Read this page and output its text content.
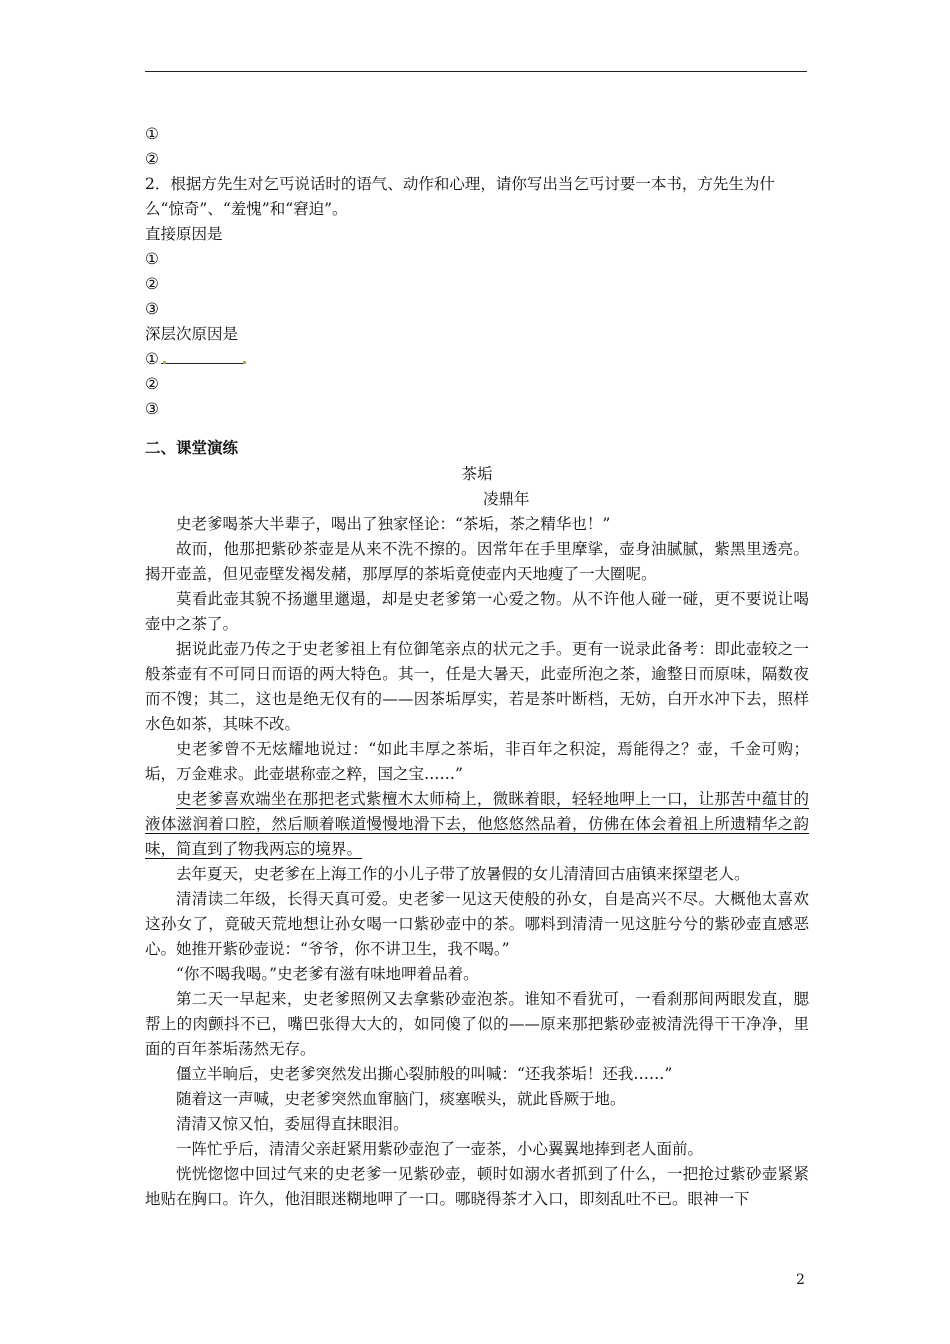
①
②
2．根据方先生对乞丐说话时的语气、动作和心理，请你写出当乞丐讨要一本书，方先生为什
么“惊奇”、“羞愧”和“窘迫”。
直接原因是
①
②
③
深层次原因是
①
②
③
二、课堂演练
茶垢
凌鼎年

史老爹喝茶大半辈子，喝出了独家怪论：“茶垢，茶之精华也！”

故而，他那把紫砂茶壶是从来不洗不擦的。因常年在手里摩挲，壶身油腻腻，紫黑里透亮。揭开壶盖，但见壶壁发褐发赭，那厚厚的茶垢竟使壶内天地瘦了一大圈呢。

莫看此壶其貌不扬邋里邋遢，却是史老爹第一心爱之物。从不许他人碰一碰，更不要说让喝壶中之茶了。

据说此壶乃传之于史老爹祖上有位御笔亲点的状元之手。更有一说录此备考：即此壶较之一般茶壶有不可同日而语的两大特色。其一，任是大暑天，此壶所泡之茶，逾整日而原味，隔数夜而不馊；其二，这也是绝无仅有的——因茶垢厚实，若是茶叶断档，无妨，白开水冲下去，照样水色如茶，其味不改。

史老爹曾不无炫耀地说过：“如此丰厚之茶垢，非百年之积淀，焉能得之？壶，千金可购；垢，万金难求。此壶堪称壶之粹，国之宝……”

史老爹喜欢端坐在那把老式紫檀木太师椅上，微眯着眼，轻轻地呷上一口，让那苦中蕴甘的液体滋润着口腔，然后顺着喉道慢慢地滑下去，他悠悠然品着，仿佛在体会着祖上所遗精华之韵味，简直到了物我两忘的境界。

去年夏天，史老爹在上海工作的小儿子带了放暑假的女儿清清回古庙镇来探望老人。

清清读二年级，长得天真可爱。史老爹一见这天使般的孙女，自是高兴不尽。大概他太喜欢这孙女了，竟破天荒地想让孙女喝一口紫砂壶中的茶。哪料到清清一见这脏兮兮的紫砂壶直感恶心。她推开紫砂壶说：“爷爷，你不讲卫生，我不喝。”

“你不喝我喝。”史老爹有滋有味地呷着品着。

第二天一早起来，史老爹照例又去拿紫砂壶泡茶。谁知不看犹可，一看刹那间两眼发直，腮帮上的肉颤抖不已，嘴巴张得大大的，如同傻了似的——原来那把紫砂壶被清洗得干干净净，里面的百年茶垢荡然无存。

僵立半晌后，史老爹突然发出撕心裂肺般的叫喊：“还我茶垢！还我……”

随着这一声喊，史老爹突然血窜脑门，痰塞喉头，就此昏厥于地。

清清又惊又怕，委屈得直抹眼泪。

一阵忙乎后，清清父亲赶紧用紫砂壶泡了一壶茶，小心翼翼地捧到老人面前。

恍恍惚惚中回过气来的史老爹一见紫砂壶，顿时如溺水者抓到了什么，一把抢过紫砂壶紧紧地贴在胸口。许久，他泪眼迷糊地呷了一口。哪晓得茶才入口，即刻乱吐不已。眼神一下

2
